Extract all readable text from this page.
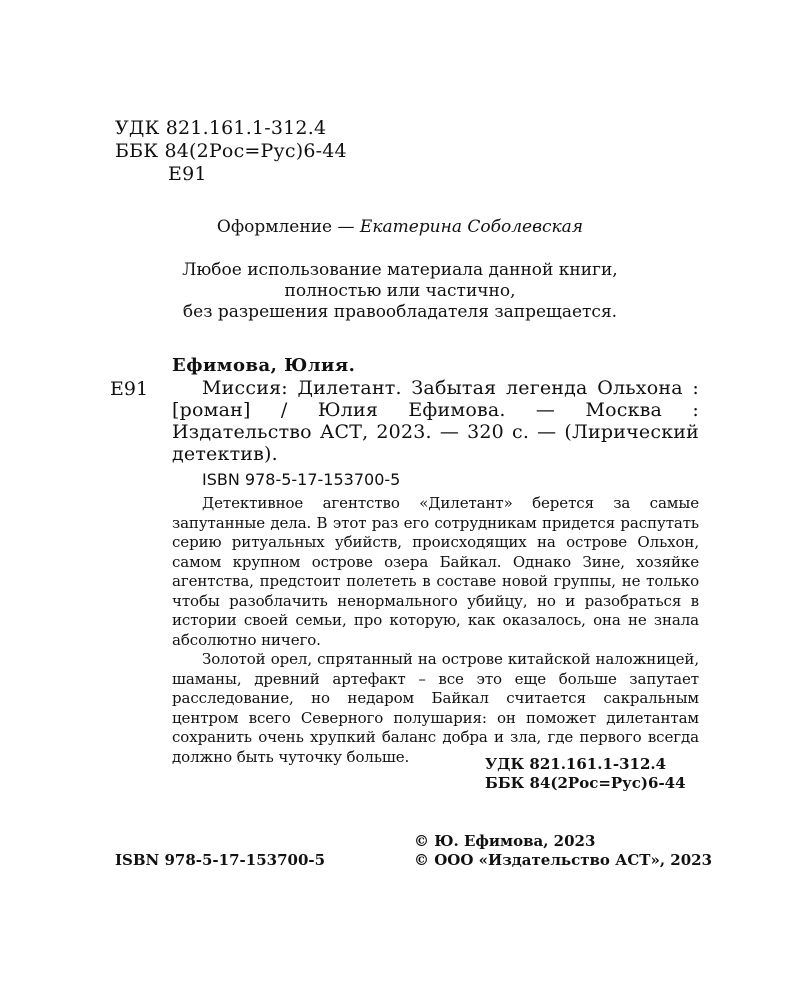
УДК 821.161.1-312.4
ББК 84(2Рос=Рус)6-44
Е91
Оформление — Екатерина Соболевская
Любое использование материала данной книги,
полностью или частично,
без разрешения правообладателя запрещается.
Ефимова, Юлия.
Е91	Миссия: Дилетант. Забытая легенда Ольхона : [роман] / Юлия Ефимова. — Москва : Издательство АСТ, 2023. — 320 с. — (Лирический детектив).
ISBN 978-5-17-153700-5

Детективное агентство «Дилетант» берется за самые запутанные дела. В этот раз его сотрудникам придется распутать серию ритуальных убийств, происходящих на острове Ольхон, самом крупном острове озера Байкал. Однако Зине, хозяйке агентства, предстоит полететь в составе новой группы, не только чтобы разоблачить ненормального убийцу, но и разобраться в истории своей семьи, про которую, как оказалось, она не знала абсолютно ничего.

Золотой орел, спрятанный на острове китайской наложницей, шаманы, древний артефакт – все это еще больше запутает расследование, но недаром Байкал считается сакральным центром всего Северного полушария: он поможет дилетантам сохранить очень хрупкий баланс добра и зла, где первого всегда должно быть чуточку больше.	УДК 821.161.1-312.4
ББК 84(2Рос=Рус)6-44
© Ю. Ефимова, 2023
© ООО «Издательство АСТ», 2023
ISBN 978-5-17-153700-5
